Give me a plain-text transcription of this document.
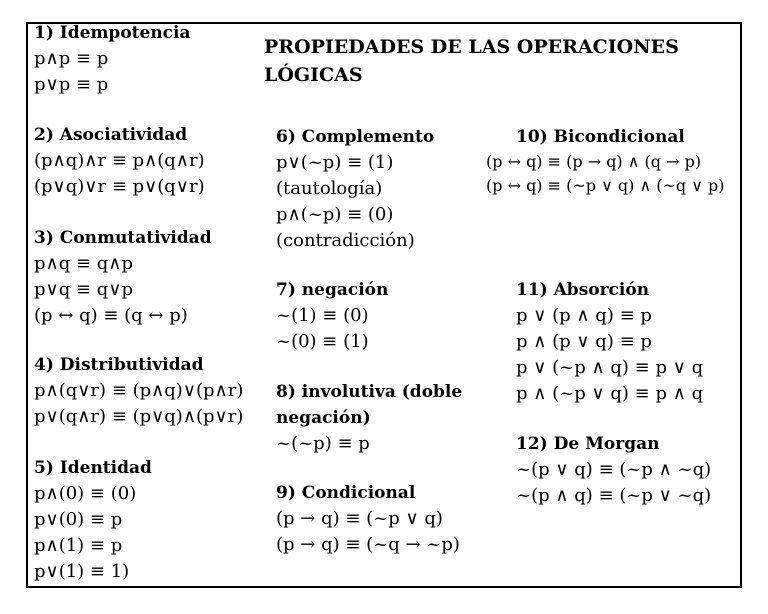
PROPIEDADES DE LAS OPERACIONES LÓGICAS
1) Idempotencia
p∧p ≡ p
p∨p ≡ p
2) Asociatividad
(p∧q)∧r ≡ p∧(q∧r)
(p∨q)∨r ≡ p∨(q∨r)
3) Conmutatividad
p∧q ≡ q∧p
p∨q ≡ q∨p
(p ↔ q) ≡ (q ↔ p)
4) Distributividad
p∧(q∨r) ≡ (p∧q)∨(p∧r)
p∨(q∧r) ≡ (p∨q)∧(p∨r)
5) Identidad
p∧(0) ≡ (0)
p∨(0) ≡ p
p∧(1) ≡ p
p∨(1) ≡ 1)
6) Complemento
p∨(~p) ≡ (1)
(tautología)
p∧(~p) ≡ (0)
(contradicción)
7) negación
~(1) ≡ (0)
~(0) ≡ (1)
8) involutiva (doble
negación)
~(~p) ≡ p
9) Condicional
(p → q) ≡ (~p ∨ q)
(p → q) ≡ (~q → ~p)
10) Bicondicional
(p ↔ q) ≡ (p → q) ∧ (q → p)
(p ↔ q) ≡ (~p ∨ q) ∧ (~q ∨ p)
11) Absorción
p ∨ (p ∧ q) ≡ p
p ∧ (p ∨ q) ≡ p
p ∨ (~p ∧ q) ≡ p ∨ q
p ∧ (~p ∨ q) ≡ p ∧ q
12) De Morgan
~(p ∨ q) ≡ (~p ∧ ~q)
~(p ∧ q) ≡ (~p ∨ ~q)
